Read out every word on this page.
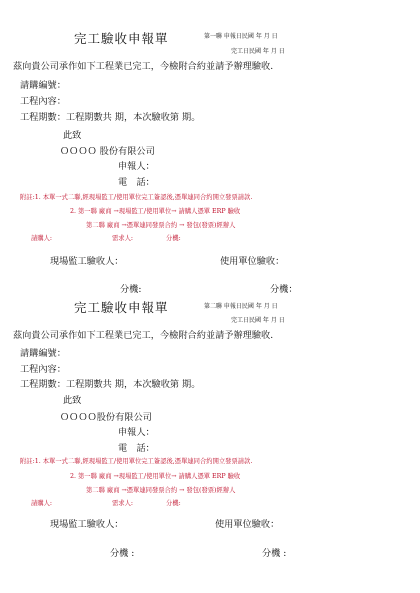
完工驗收申報單	第一聯 申報日民國 年 月 日
完工日民國 年 月 日
茲向貴公司承作如下工程業已完工，今檢附合約並請予辦理驗收.
請購編號：
工程內容：
工程期數：工程期數共 期，本次驗收第 期。
此致
ＯＯＯＯ 股份有限公司
申報人：
電　話：
附註:1. 本單一式二聯,經現場監工/使用單位完工簽認後,憑單連同合約開立發票請款.
2. 第一聯 廠商 →現場監工/使用單位→ 請購人憑單 ERP 驗收
第二聯 廠商 →憑單連同發票合約 → 發包(發票)經辦人
請購人:	需求人:	分機:
現場監工驗收人：	使用單位驗收：
分機:	分機：
完工驗收申報單	第二聯 申報日民國 年 月 日
完工日民國 年 月 日
茲向貴公司承作如下工程業已完工，今檢附合約並請予辦理驗收.
請購編號：
工程內容：
工程期數：工程期數共 期，本次驗收第 期。
此致
ＯＯＯＯ股份有限公司
申報人：
電　話：
附註:1. 本單一式二聯,經現場監工/使用單位完工簽認後,憑單連同合約開立發票請款.
2. 第一聯 廠商 →現場監工/使用單位→ 請購人憑單 ERP 驗收
第二聯 廠商 →憑單連同發票合約 → 發包(發票)經辦人
請購人:	需求人:	分機:
現場監工驗收人：	使用單位驗收：
分機 :	分機 :
